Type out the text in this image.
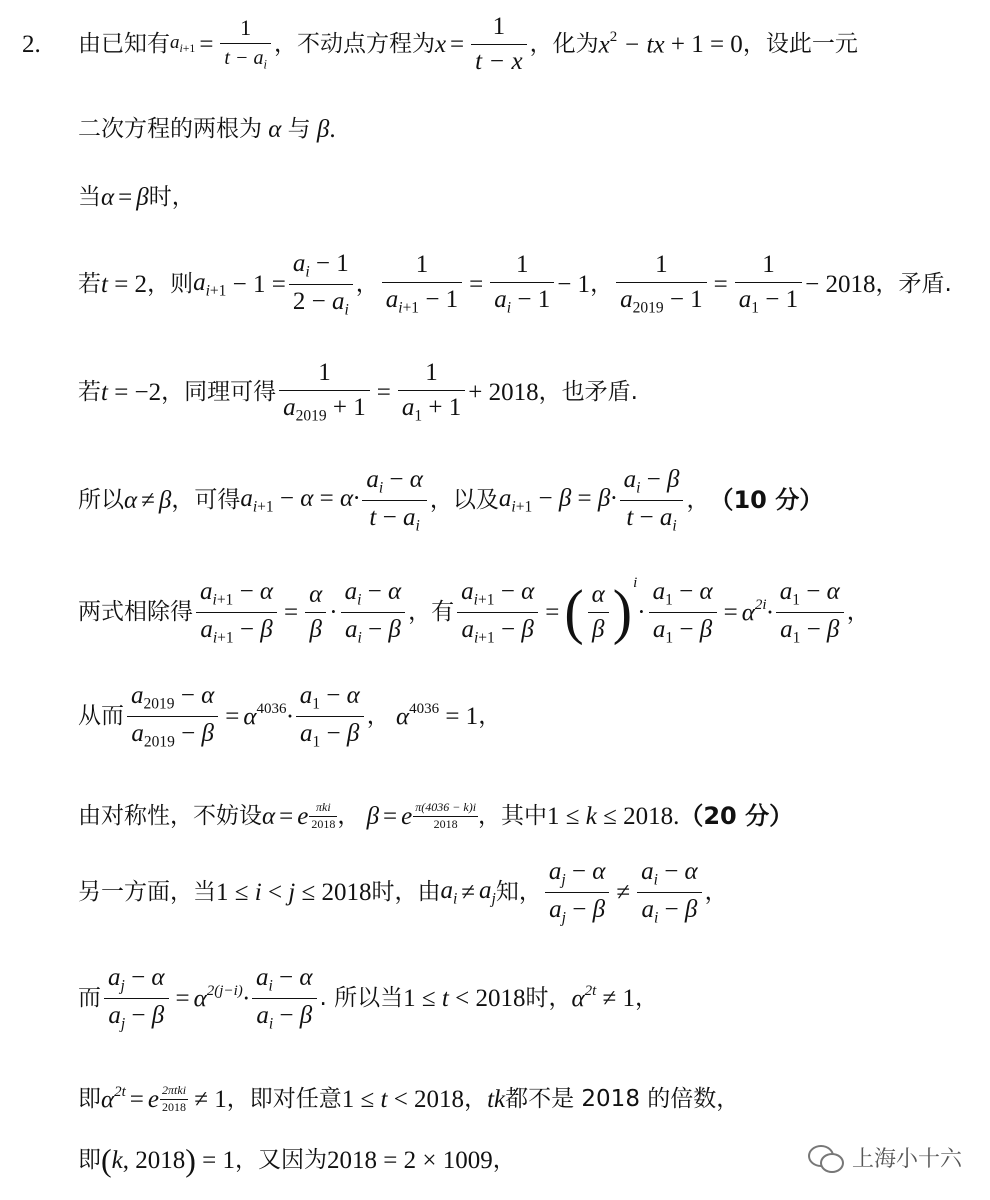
2. 由已知有 $a_{i+1} = \frac{1}{t - a_i}$ ，不动点方程为 $x = \frac{1}{t - x}$ ，化为 $x^2$ − tx + 1 = 0 ，设此一元
二次方程的两根为 α 与 β .
当 α = β 时，
若 t = 2 ，则 $a_{i+1} - 1 = \frac{a_i - 1}{2 - a_i}$ ， $\frac{1}{a_{i+1} - 1} = \frac{1}{a_i - 1} - 1$ ， $\frac{1}{a_{2019} - 1} = \frac{1}{a_1 - 1} - 2018$ ，矛盾.
若 t = −2 ，同理可得 $\frac{1}{a_{2019} + 1} = \frac{1}{a_1 + 1} + 2018$ ，也矛盾.
所以 α ≠ β ，可得 $a_{i+1} - \alpha = \alpha\cdot \frac{a_i - \alpha}{t - a_i}$ ，以及 $a_{i+1} - \beta = \beta\cdot \frac{a_i - \beta}{t - a_i}$ ， （10 分）
两式相除得 $\frac{a_{i+1} - \alpha}{a_{i+1} - \beta} = \frac{\alpha}{\beta} \cdot \frac{a_i - \alpha}{a_i - \beta}$ ，有 $\frac{a_{i+1} - \alpha}{a_{i+1} - \beta}$ = ( $\frac{\alpha}{\beta}$ ) i
· $\frac{a_1 - \alpha}{a_1 - \beta} = \alpha^{2i}\cdot \frac{a_1 - \alpha}{a_1 - \beta}$ ，
从而 $\frac{a_{2019} - \alpha}{a_{2019} - \beta} = \alpha^{4036}\cdot \frac{a_1 - \alpha}{a_1 - \beta}$ ， $\alpha^{4036} = 1$ ，
由对称性，不妨设 α = e πki
2018 ， β = e π(4036 − k)i
2018 ，其中 1 ≤ k ≤ 2018 . （20 分）
另一方面，当 1 ≤ i < j ≤ 2018 时，由 $a_i \ne a_j$ 知， $\frac{a_j - \alpha}{a_j - \beta} \ne \frac{a_i - \alpha}{a_i - \beta}$ ，
而 $\frac{a_j - \alpha}{a_j - \beta} = \alpha^{2(j-i)}\cdot \frac{a_i - \alpha}{a_i - \beta}$ . 所以当 1 ≤ t < 2018 时， $\alpha^{2t} \ne 1$ ，
即 $\alpha^{2t} = e$ 2πtki
2018 ≠ 1 ，即对任意 1 ≤ t < 2018 ， tk 都不是 2018 的倍数，
即 ( k , 2018 ) = 1 ，又因为 2018 = 2 × 1009 ，	上海小十六
